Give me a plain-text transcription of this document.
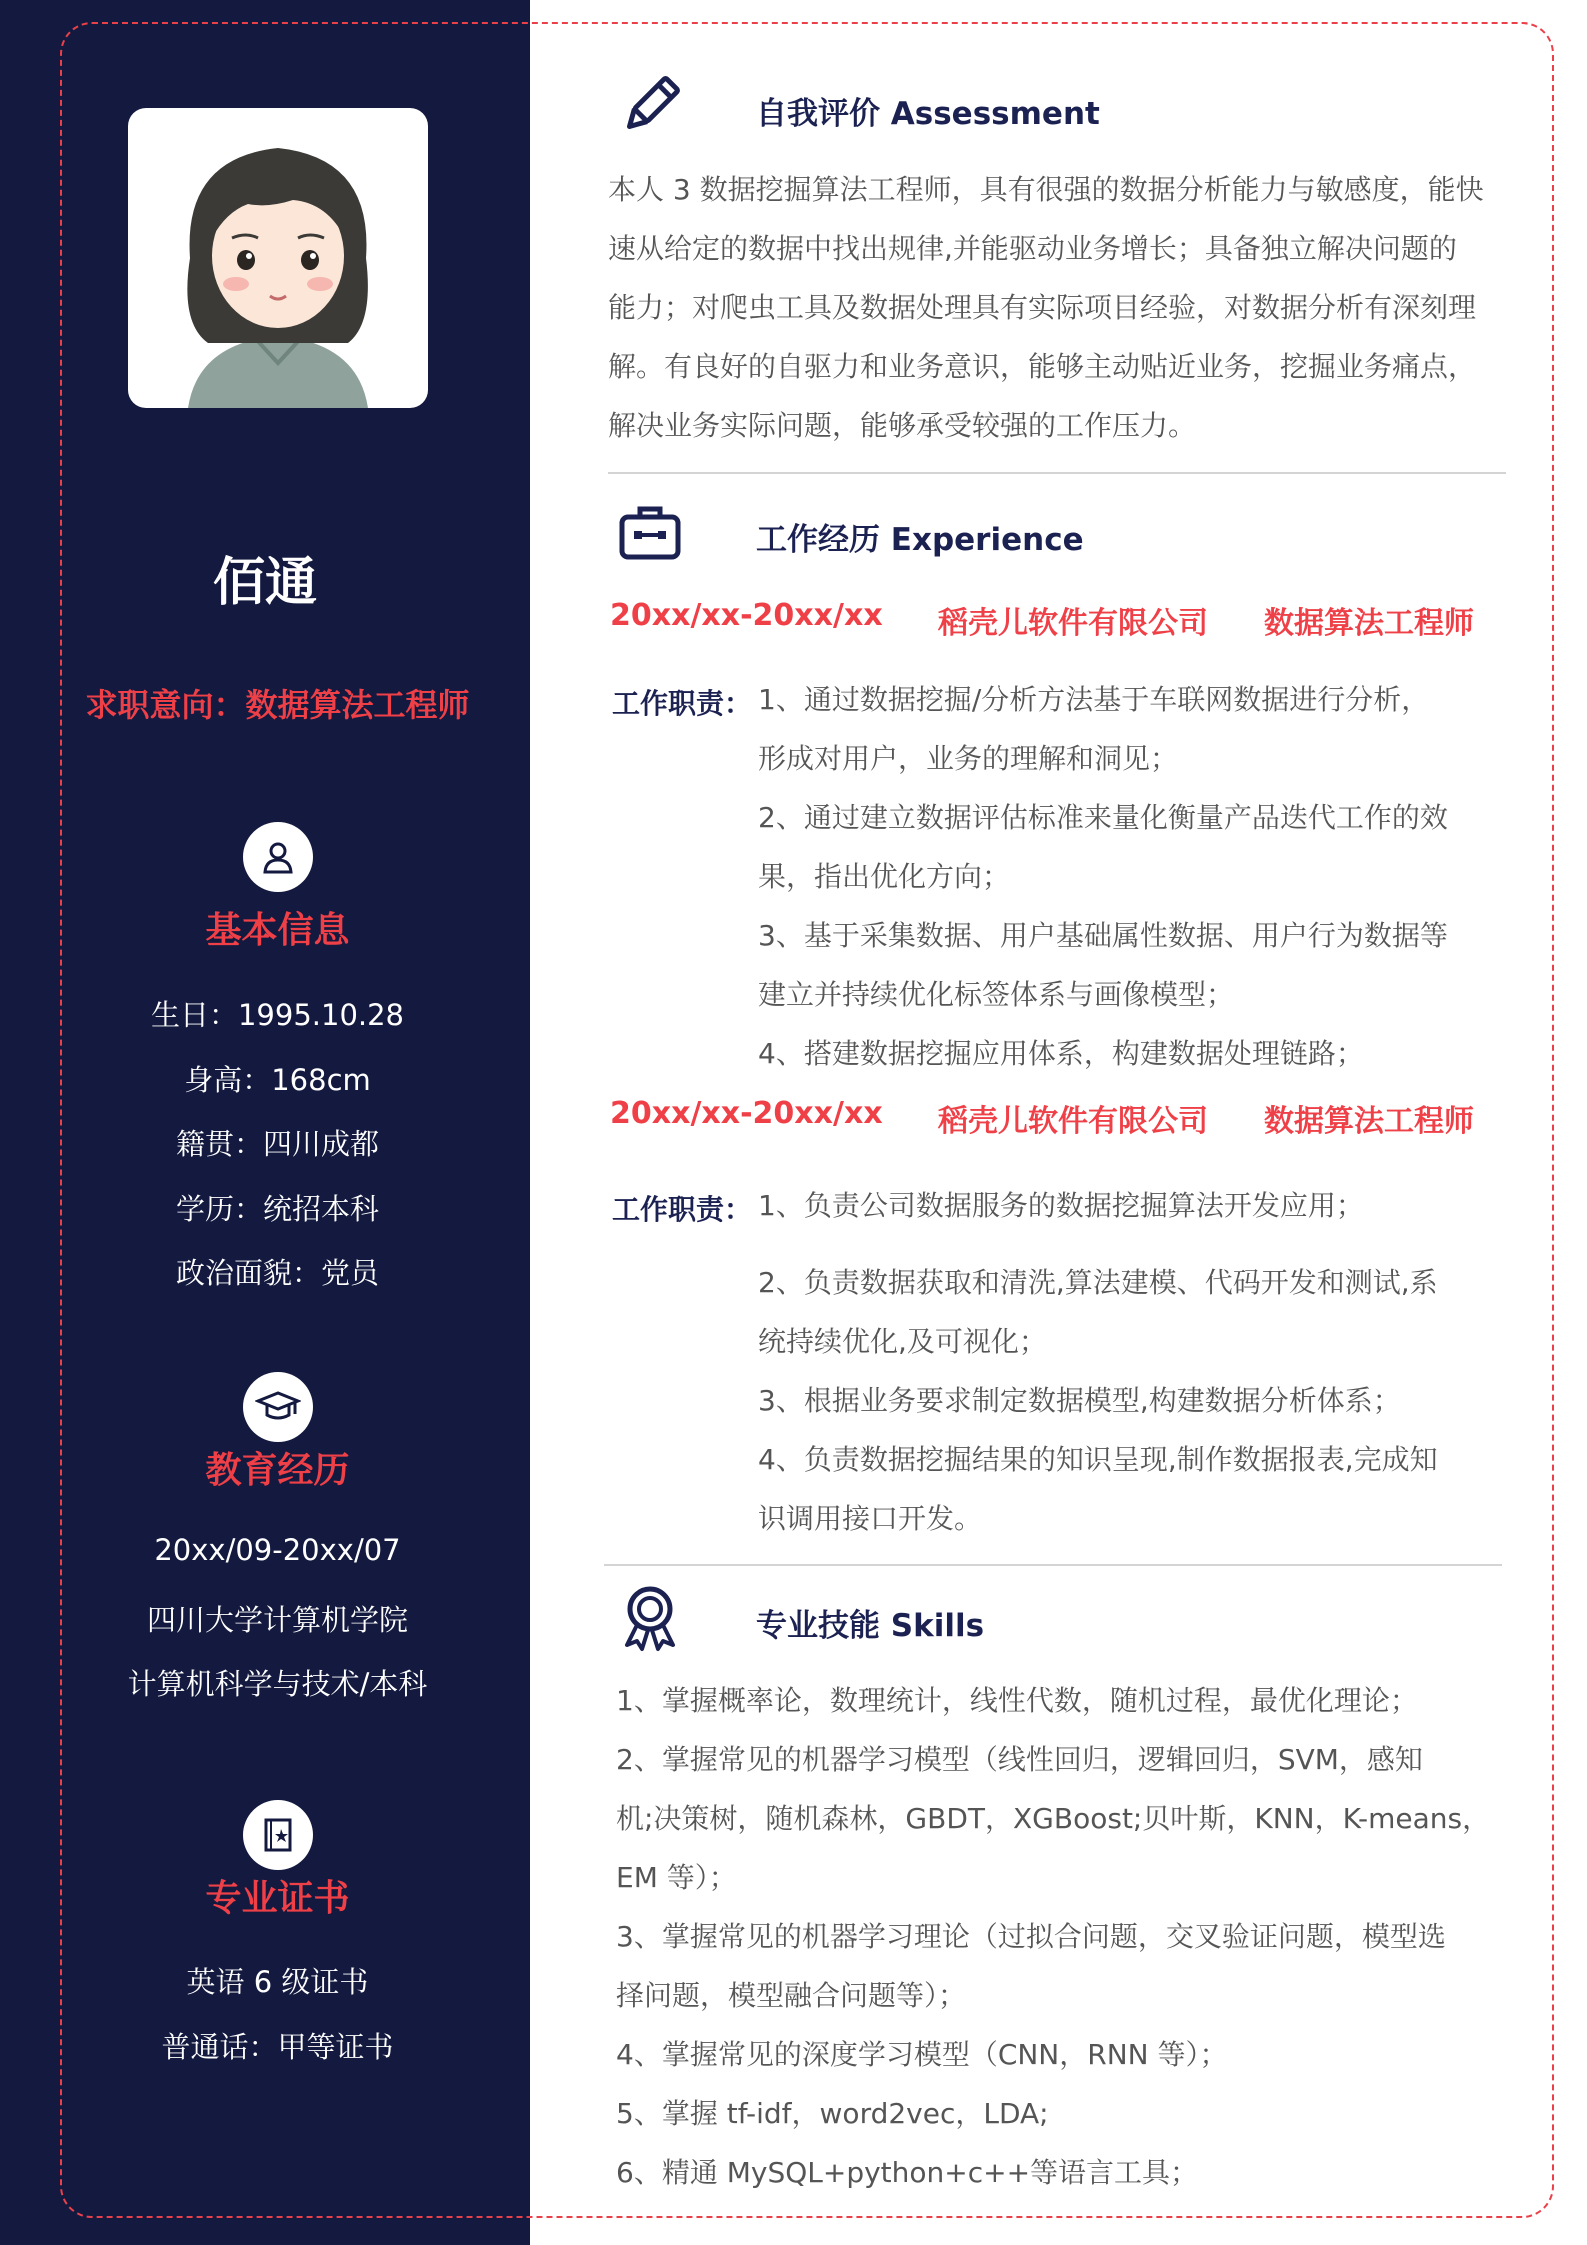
佰通
求职意向：数据算法工程师
基本信息
生日：1995.10.28
身高：168cm
籍贯：四川成都
学历：统招本科
政治面貌：党员
教育经历
20xx/09-20xx/07
四川大学计算机学院
计算机科学与技术/本科
专业证书
英语 6 级证书
普通话：甲等证书
自我评价 Assessment
本人 3 数据挖掘算法工程师，具有很强的数据分析能力与敏感度，能快
速从给定的数据中找出规律,并能驱动业务增长；具备独立解决问题的
能力；对爬虫工具及数据处理具有实际项目经验，对数据分析有深刻理
解。有良好的自驱力和业务意识，能够主动贴近业务，挖掘业务痛点，
解决业务实际问题，能够承受较强的工作压力。
工作经历 Experience
20xx/xx-20xx/xx 稻壳儿软件有限公司 数据算法工程师
工作职责： 1、通过数据挖掘/分析方法基于车联网数据进行分析，
形成对用户，业务的理解和洞见；
2、通过建立数据评估标准来量化衡量产品迭代工作的效
果，指出优化方向；
3、基于采集数据、用户基础属性数据、用户行为数据等
建立并持续优化标签体系与画像模型；
4、搭建数据挖掘应用体系，构建数据处理链路；
20xx/xx-20xx/xx 稻壳儿软件有限公司 数据算法工程师
工作职责： 1、负责公司数据服务的数据挖掘算法开发应用；
2、负责数据获取和清洗,算法建模、代码开发和测试,系
统持续优化,及可视化；
3、根据业务要求制定数据模型,构建数据分析体系；
4、负责数据挖掘结果的知识呈现,制作数据报表,完成知
识调用接口开发。
专业技能 Skills
1、掌握概率论，数理统计，线性代数，随机过程，最优化理论；
2、掌握常见的机器学习模型（线性回归，逻辑回归，SVM，感知
机;决策树，随机森林，GBDT，XGBoost;贝叶斯，KNN，K-means，
EM 等）；
3、掌握常见的机器学习理论（过拟合问题，交叉验证问题，模型选
择问题，模型融合问题等）；
4、掌握常见的深度学习模型（CNN，RNN 等）；
5、掌握 tf-idf，word2vec，LDA;
6、精通 MySQL+python+c++等语言工具；
